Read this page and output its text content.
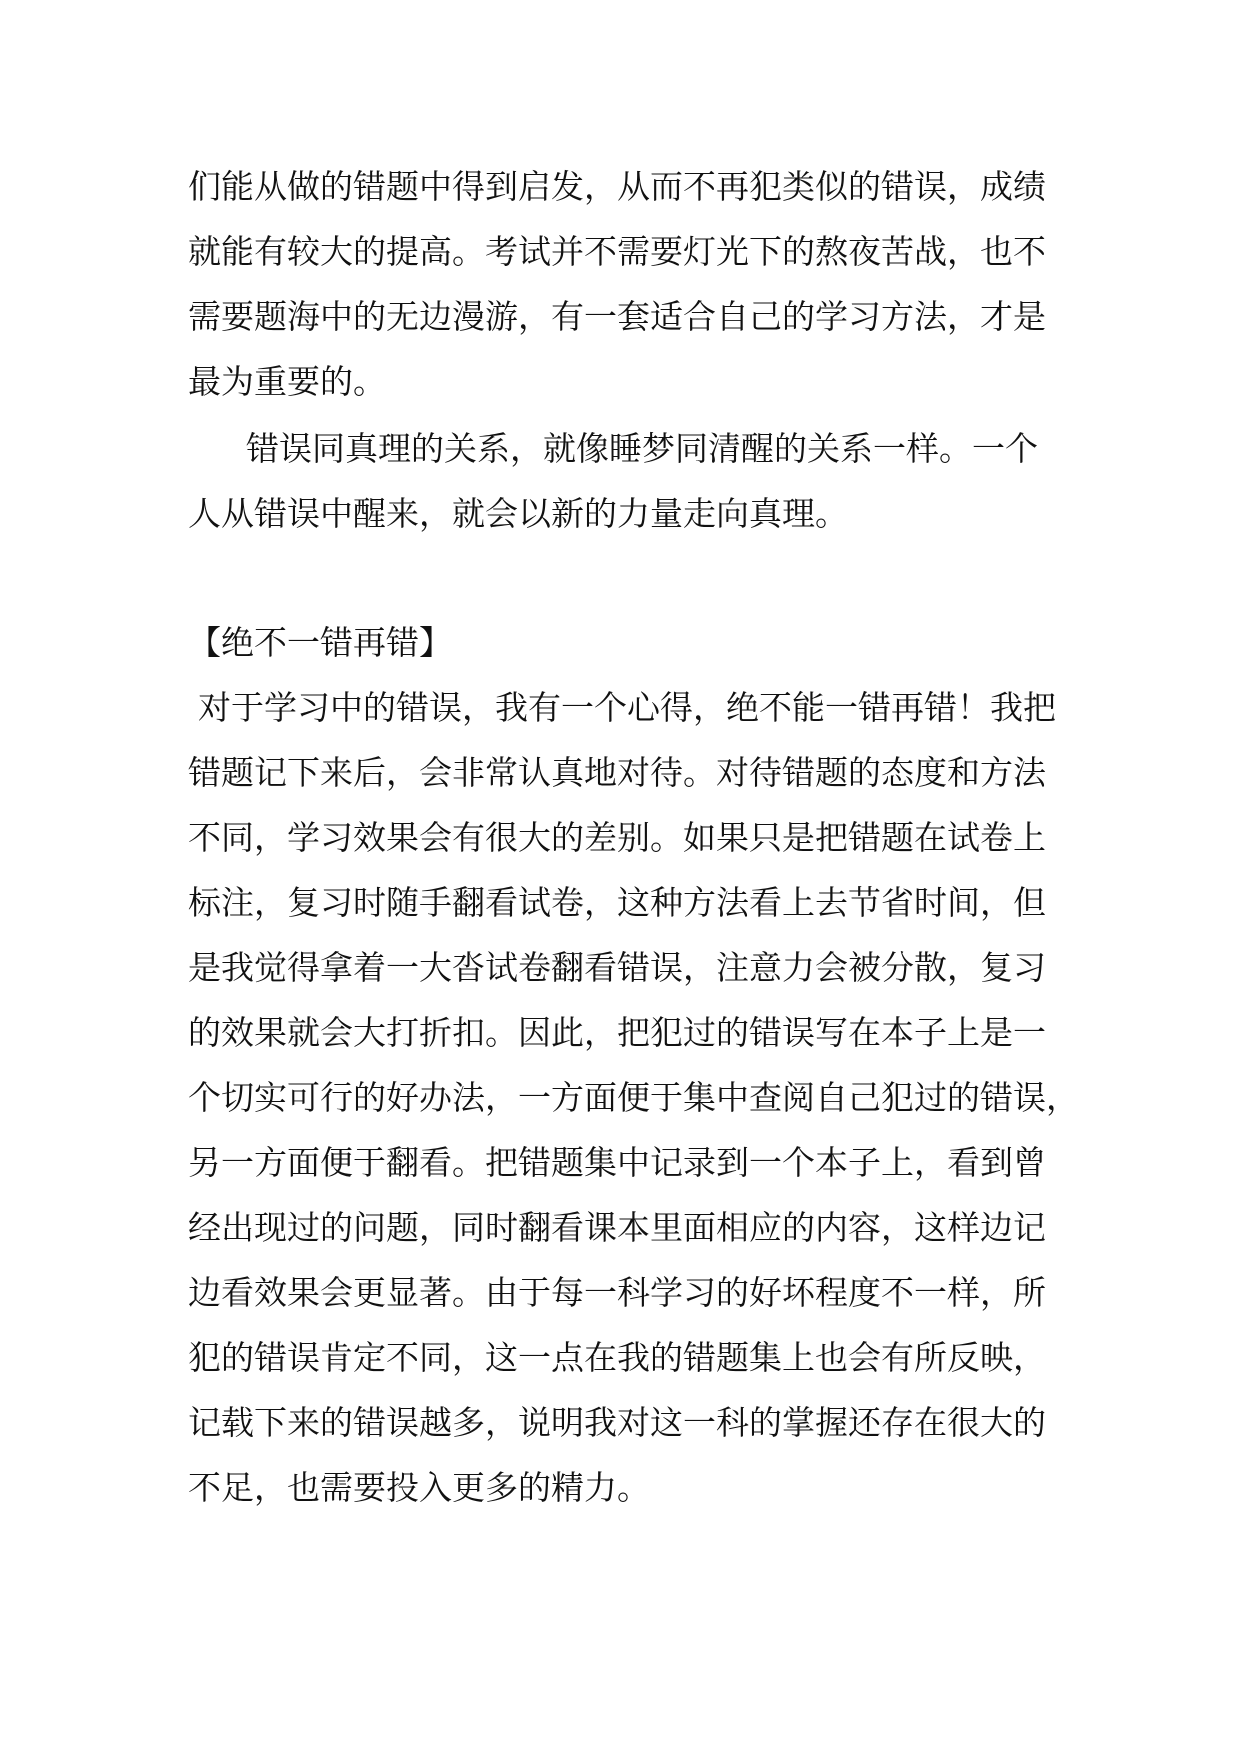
们能从做的错题中得到启发，从而不再犯类似的错误，成绩
就能有较大的提高。考试并不需要灯光下的熬夜苦战，也不
需要题海中的无边漫游，有一套适合自己的学习方法，才是
最为重要的。
错误同真理的关系，就像睡梦同清醒的关系一样。一个
人从错误中醒来，就会以新的力量走向真理。
【绝不一错再错】
对于学习中的错误，我有一个心得，绝不能一错再错！我把
错题记下来后，会非常认真地对待。对待错题的态度和方法
不同，学习效果会有很大的差别。如果只是把错题在试卷上
标注，复习时随手翻看试卷，这种方法看上去节省时间，但
是我觉得拿着一大沓试卷翻看错误，注意力会被分散，复习
的效果就会大打折扣。因此，把犯过的错误写在本子上是一
个切实可行的好办法，一方面便于集中查阅自己犯过的错误，
另一方面便于翻看。把错题集中记录到一个本子上，看到曾
经出现过的问题，同时翻看课本里面相应的内容，这样边记
边看效果会更显著。由于每一科学习的好坏程度不一样，所
犯的错误肯定不同，这一点在我的错题集上也会有所反映，
记载下来的错误越多，说明我对这一科的掌握还存在很大的
不足，也需要投入更多的精力。
